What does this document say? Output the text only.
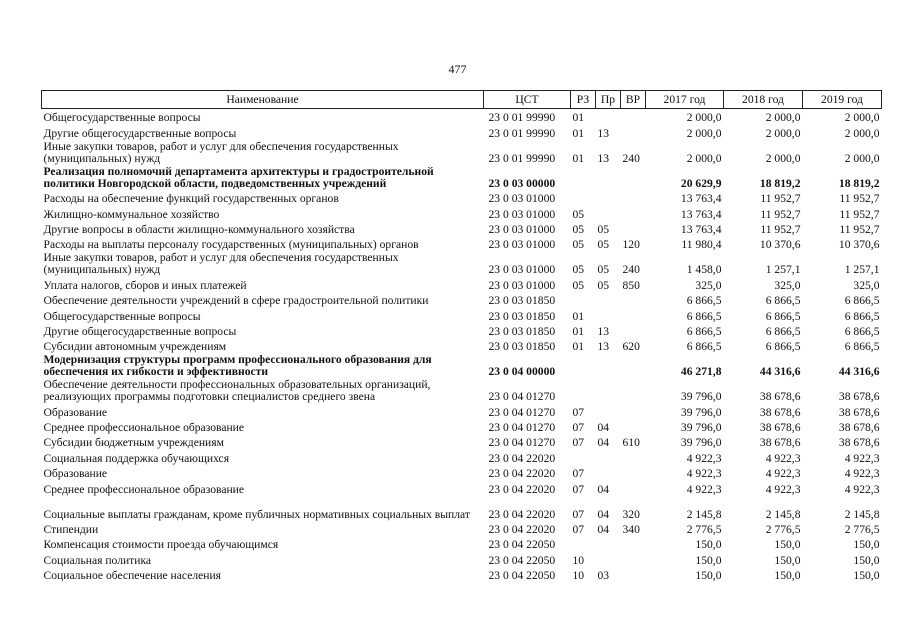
477
Наименование	ЦСТ	РЗ	Пр	ВР	2017 год	2018 год	2019 год
Общегосударственные вопросы	23 0 01 99990	01			2 000,0	2 000,0	2 000,0
Другие общегосударственные вопросы	23 0 01 99990	01	13		2 000,0	2 000,0	2 000,0
Иные закупки товаров, работ и услуг для обеспечения государственных (муниципальных) нужд	23 0 01 99990	01	13	240	2 000,0	2 000,0	2 000,0
Реализация полномочий департамента архитектуры и градостроительной политики Новгородской области, подведомственных учреждений	23 0 03 00000				20 629,9	18 819,2	18 819,2
Расходы на обеспечение функций государственных органов	23 0 03 01000				13 763,4	11 952,7	11 952,7
Жилищно-коммунальное хозяйство	23 0 03 01000	05			13 763,4	11 952,7	11 952,7
Другие вопросы в области жилищно-коммунального хозяйства	23 0 03 01000	05	05		13 763,4	11 952,7	11 952,7
Расходы на выплаты персоналу государственных (муниципальных) органов	23 0 03 01000	05	05	120	11 980,4	10 370,6	10 370,6
Иные закупки товаров, работ и услуг для обеспечения государственных (муниципальных) нужд	23 0 03 01000	05	05	240	1 458,0	1 257,1	1 257,1
Уплата налогов, сборов и иных платежей	23 0 03 01000	05	05	850	325,0	325,0	325,0
Обеспечение деятельности учреждений в сфере градостроительной политики	23 0 03 01850				6 866,5	6 866,5	6 866,5
Общегосударственные вопросы	23 0 03 01850	01			6 866,5	6 866,5	6 866,5
Другие общегосударственные вопросы	23 0 03 01850	01	13		6 866,5	6 866,5	6 866,5
Субсидии автономным учреждениям	23 0 03 01850	01	13	620	6 866,5	6 866,5	6 866,5
Модернизация структуры программ профессионального образования для обеспечения их гибкости и эффективности	23 0 04 00000				46 271,8	44 316,6	44 316,6
Обеспечение деятельности профессиональных образовательных организаций, реализующих программы подготовки специалистов среднего звена	23 0 04 01270				39 796,0	38 678,6	38 678,6
Образование	23 0 04 01270	07			39 796,0	38 678,6	38 678,6
Среднее профессиональное образование	23 0 04 01270	07	04		39 796,0	38 678,6	38 678,6
Субсидии бюджетным учреждениям	23 0 04 01270	07	04	610	39 796,0	38 678,6	38 678,6
Социальная поддержка обучающихся	23 0 04 22020				4 922,3	4 922,3	4 922,3
Образование	23 0 04 22020	07			4 922,3	4 922,3	4 922,3
Среднее профессиональное образование	23 0 04 22020	07	04		4 922,3	4 922,3	4 922,3
Социальные выплаты гражданам, кроме публичных нормативных социальных выплат	23 0 04 22020	07	04	320	2 145,8	2 145,8	2 145,8
Стипендии	23 0 04 22020	07	04	340	2 776,5	2 776,5	2 776,5
Компенсация стоимости проезда обучающимся	23 0 04 22050				150,0	150,0	150,0
Социальная политика	23 0 04 22050	10			150,0	150,0	150,0
Социальное обеспечение населения	23 0 04 22050	10	03		150,0	150,0	150,0
